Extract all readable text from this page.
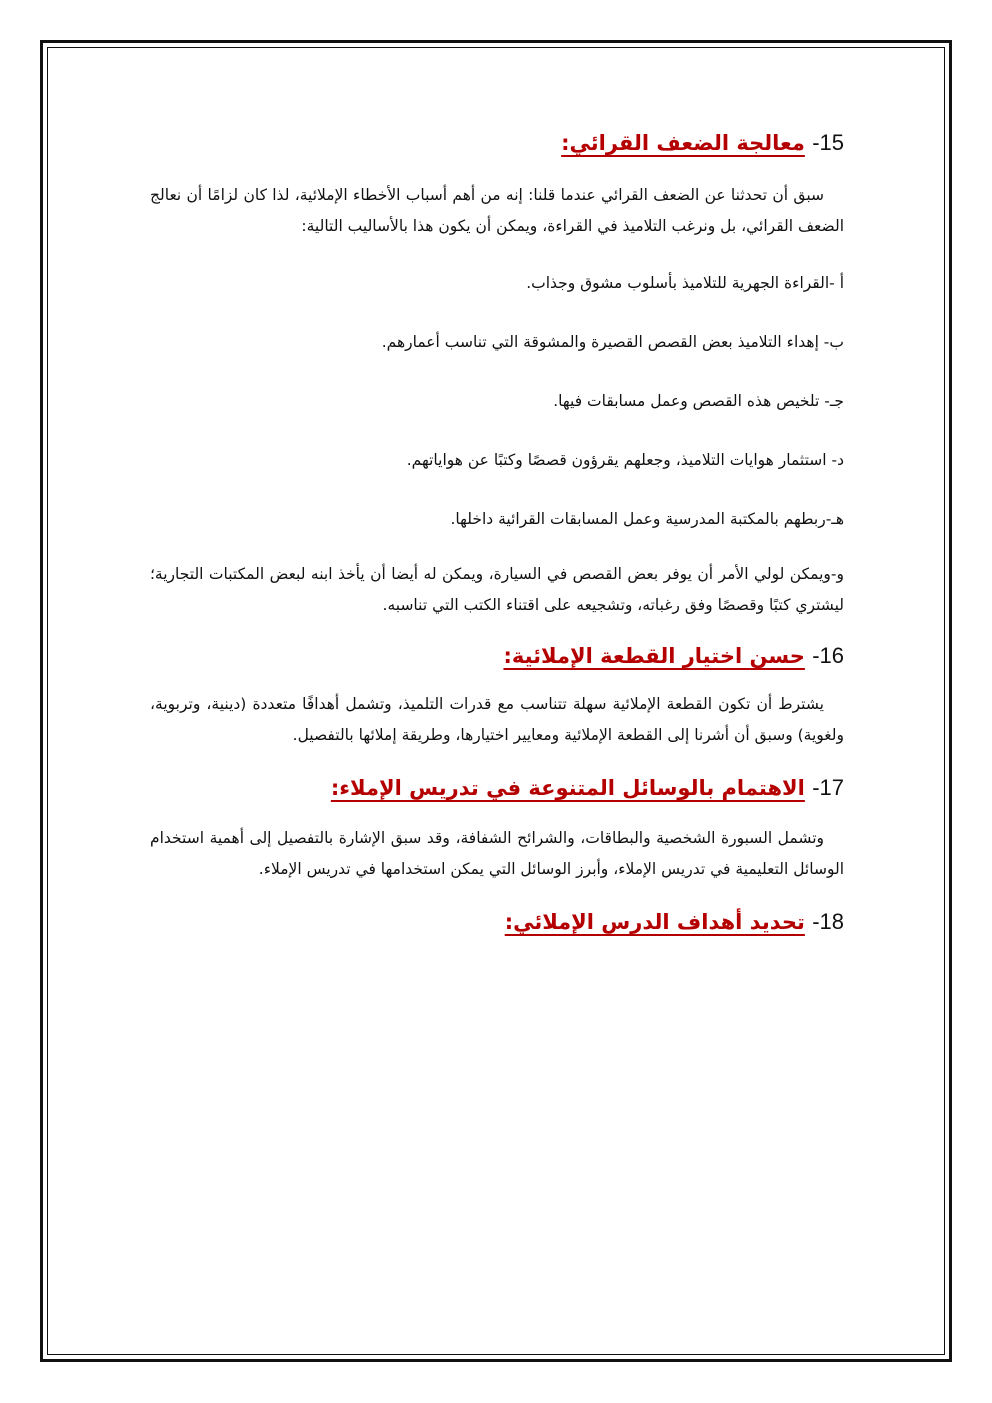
15- معالجة الضعف القرائي:

سبق أن تحدثنا عن الضعف القرائي عندما قلنا: إنه من أهم أسباب الأخطاء الإملائية، لذا كان لزامًا أن نعالج الضعف القرائي، بل ونرغب التلاميذ في القراءة، ويمكن أن يكون هذا بالأساليب التالية:

أ -القراءة الجهرية للتلاميذ بأسلوب مشوق وجذاب.

ب- إهداء التلاميذ بعض القصص القصيرة والمشوقة التي تناسب أعمارهم.

جـ- تلخيص هذه القصص وعمل مسابقات فيها.

د- استثمار هوايات التلاميذ، وجعلهم يقرؤون قصصًا وكتبًا عن هواياتهم.

هـ-ربطهم بالمكتبة المدرسية وعمل المسابقات القرائية داخلها.

و-ويمكن لولي الأمر أن يوفر بعض القصص في السيارة، ويمكن له أيضا أن يأخذ ابنه لبعض المكتبات التجارية؛ ليشتري كتبًا وقصصًا وفق رغباته، وتشجيعه على اقتناء الكتب التي تناسبه.

16- حسن اختيار القطعة الإملائية:

يشترط أن تكون القطعة الإملائية سهلة تتناسب مع قدرات التلميذ، وتشمل أهدافًا متعددة (دينية، وتربوية، ولغوية) وسبق أن أشرنا إلى القطعة الإملائية ومعايير اختيارها، وطريقة إملائها بالتفصيل.

17- الاهتمام بالوسائل المتنوعة في تدريس الإملاء:

وتشمل السبورة الشخصية والبطاقات، والشرائح الشفافة، وقد سبق الإشارة بالتفصيل إلى أهمية استخدام الوسائل التعليمية في تدريس الإملاء، وأبرز الوسائل التي يمكن استخدامها في تدريس الإملاء.

18- تحديد أهداف الدرس الإملائي:
